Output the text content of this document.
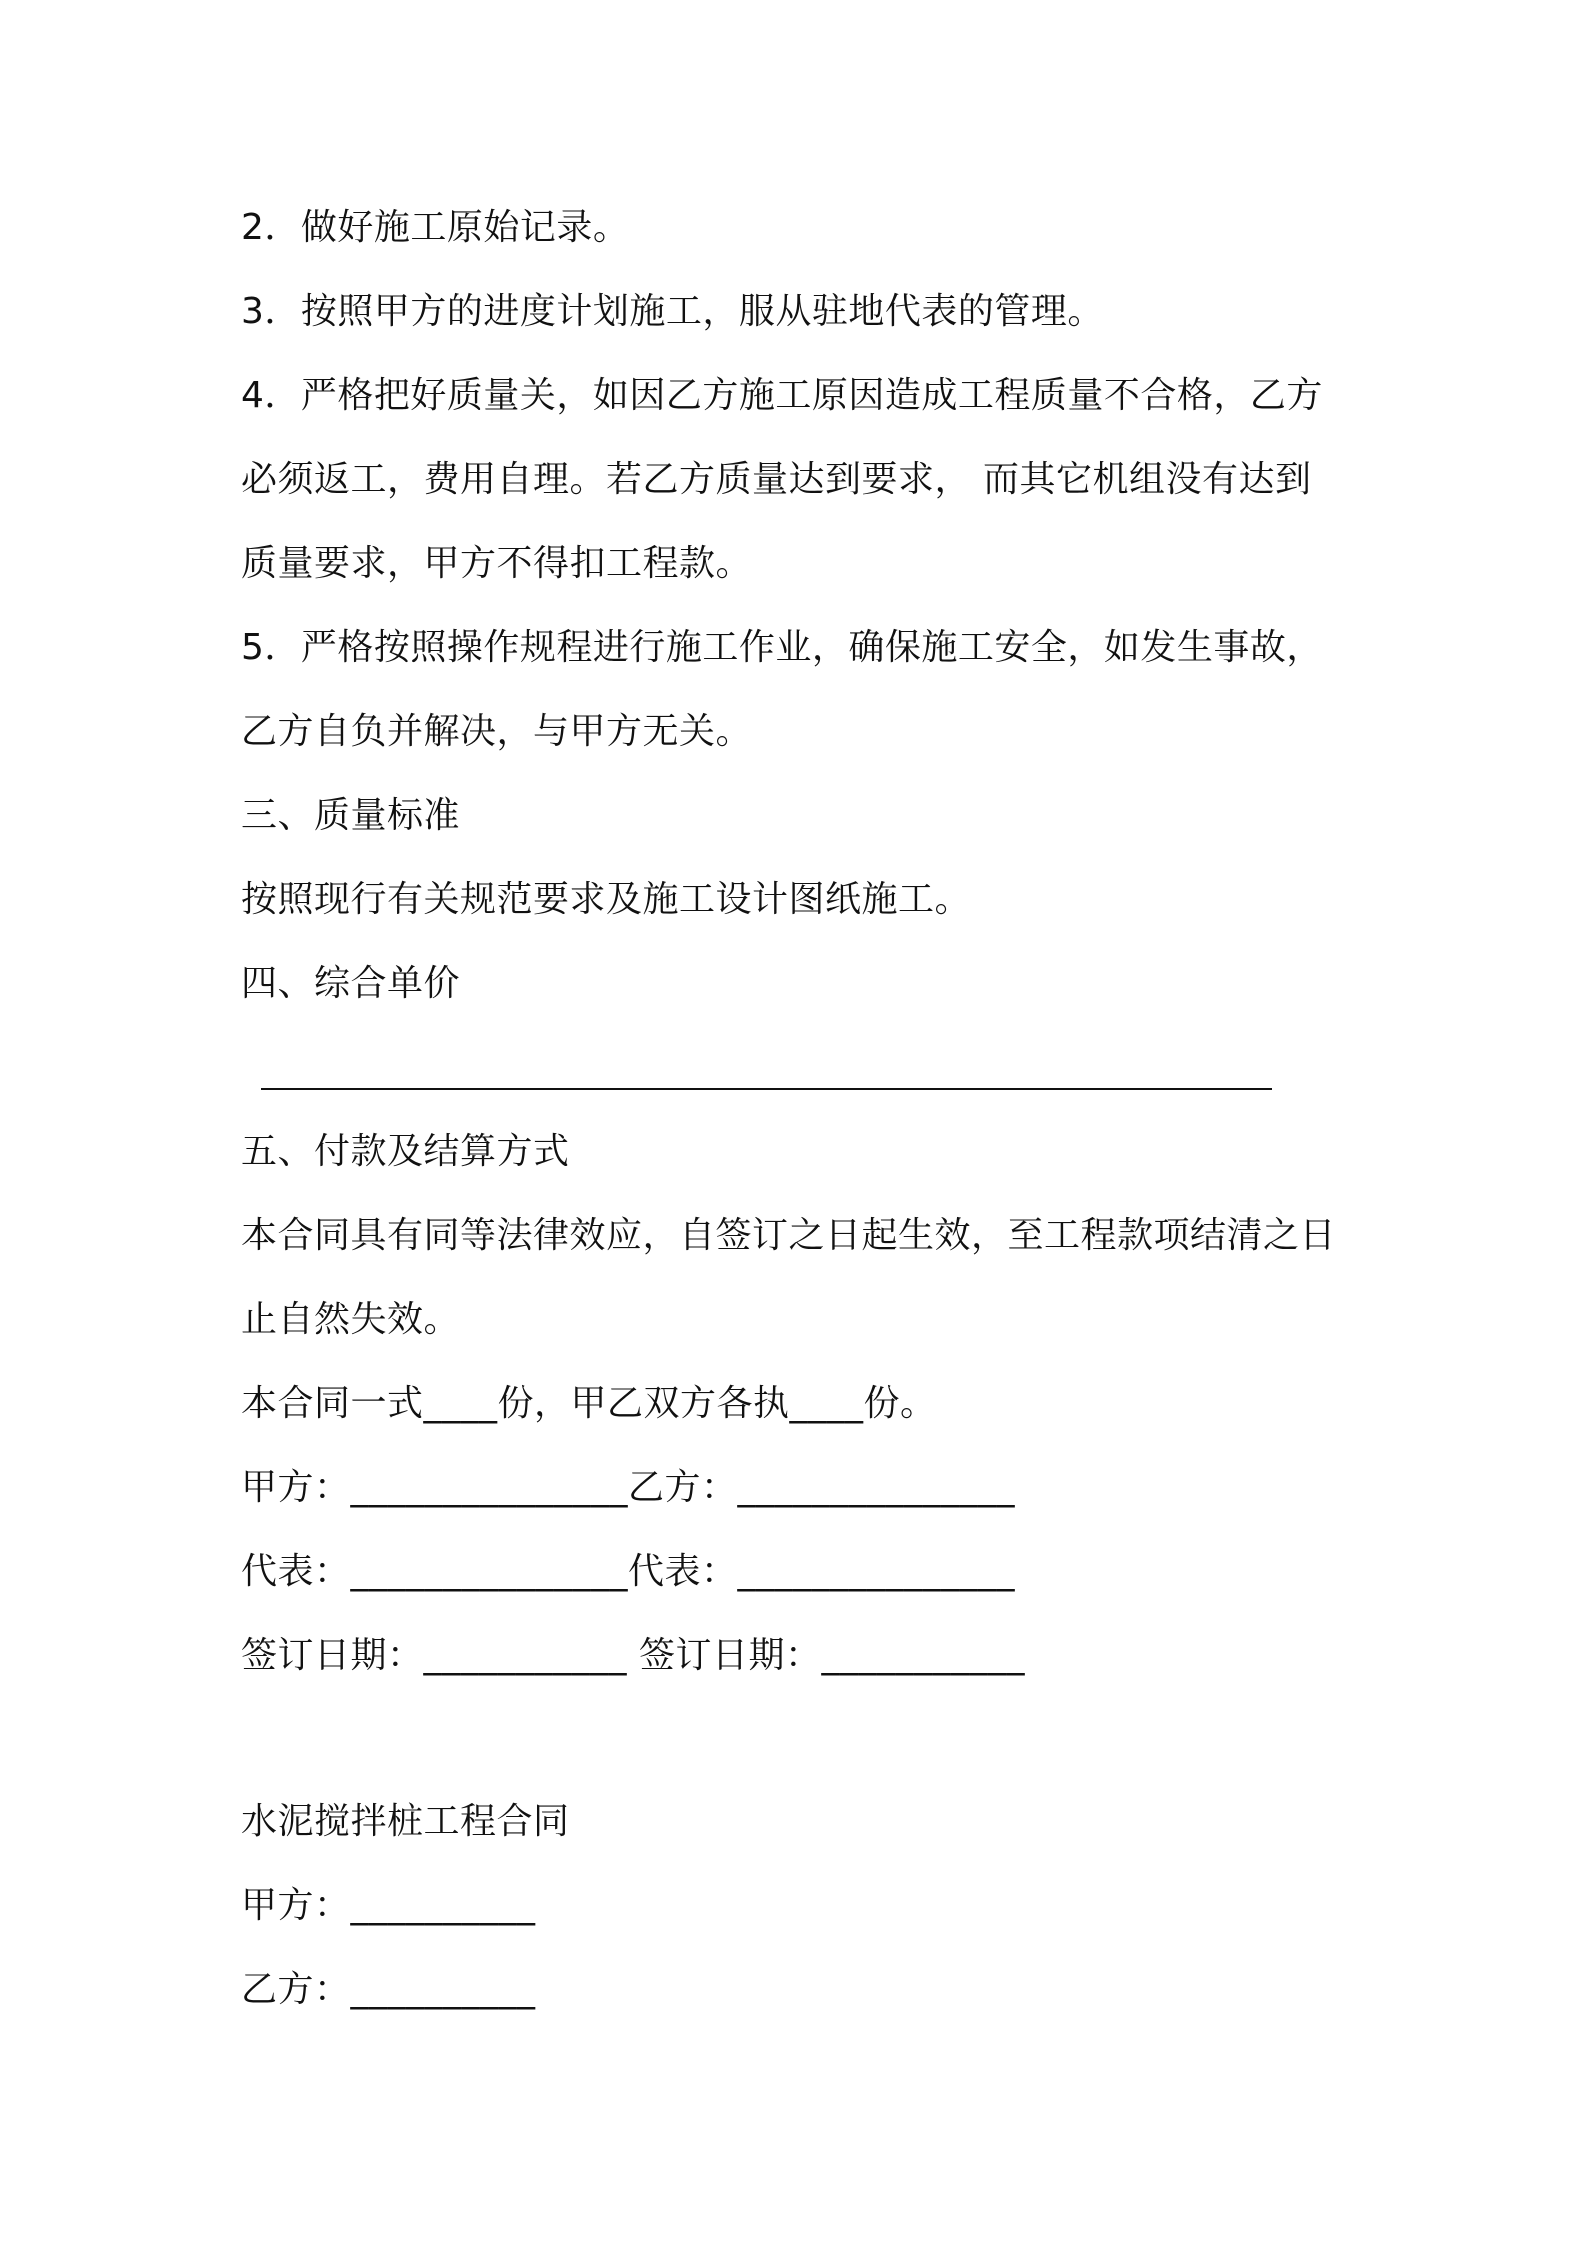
2．做好施工原始记录。
3．按照甲方的进度计划施工，服从驻地代表的管理。
4．严格把好质量关，如因乙方施工原因造成工程质量不合格，乙方
必须返工，费用自理。若乙方质量达到要求， 而其它机组没有达到
质量要求，甲方不得扣工程款。
5．严格按照操作规程进行施工作业，确保施工安全，如发生事故，
乙方自负并解决，与甲方无关。
三、质量标准
按照现行有关规范要求及施工设计图纸施工。
四、综合单价
五、付款及结算方式
本合同具有同等法律效应，自签订之日起生效，至工程款项结清之日
止自然失效。
本合同一式____份，甲乙双方各执____份。
甲方：_______________乙方：_______________
代表：_______________代表：_______________
签订日期：___________ 签订日期：___________
水泥搅拌桩工程合同
甲方：__________
乙方：__________
